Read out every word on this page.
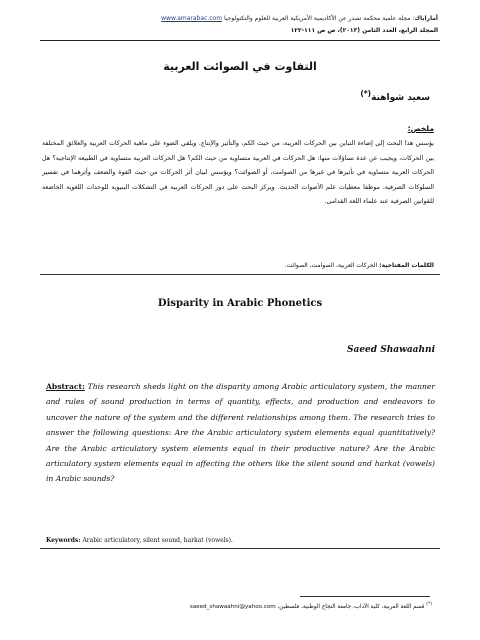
أماراباك: مجلة علمية محكمة تصدر عن الأكاديمية الأمريكية العربية للعلوم والتكنولوجيا www.amarabac.com
المجلد الرابع، العدد الثامن (٢٠١٣)، ص ص ١١١-١٢٢
التفاوت في الصوائت العربية
سعيد شواهنة(*)
ملخص:
يؤسس هذا البحث إلى إضاءة التباين بين الحركات العربية، من حيث الكم، والتأثير والإنتاج. ويلقي الضوء على ماهية الحركات العربية والعلائق المختلفة بين الحركات، ويجيب عن عدة تساؤلات منها: هل الحركات في العربية متساوية من حيث الكم؟ هل الحركات العربية متساوية في الطبيعة الإنتاجية؟ هل الحركات العربية متساوية في تأثيرها في غيرها من الصوامت، أو الصوائت؟ ويؤسس لبيان أثر الحركات من حيث القوة والضعف وأثرهما في تفسير السلوكات الصرفية، موظفا معطيات علم الأصوات الحديث. ويركز البحث على دور الحركات العربية في التشكلات البنيوية للوحدات اللغوية الخاضعة للقوانين الصرفية عند علماء اللغة القدامى.
الكلمات المفتاحية: الحركات العربية، الصوامت، الصوائت.
Disparity in Arabic Phonetics
Saeed Shawaahni
Abstract: This research sheds light on the disparity among Arabic articulatory system, the manner and rules of sound production in terms of quantity, effects, and production and endeavors to uncover the nature of the system and the different relationships among them. The research tries to answer the following questions: Are the Arabic articulatory system elements equal quantitatively? Are the Arabic articulatory system elements equal in their productive nature? Are the Arabic articulatory system elements equal in affecting the others like the silent sound and harkat (vowels) in Arabic sounds?
Keywords: Arabic articulatory, silent sound, harkat (vowels).
(*) قسم اللغة العربية، كلية الآداب، جامعة النجاح الوطنية، فلسطين، saeed_shawaahni@yahoo.com
